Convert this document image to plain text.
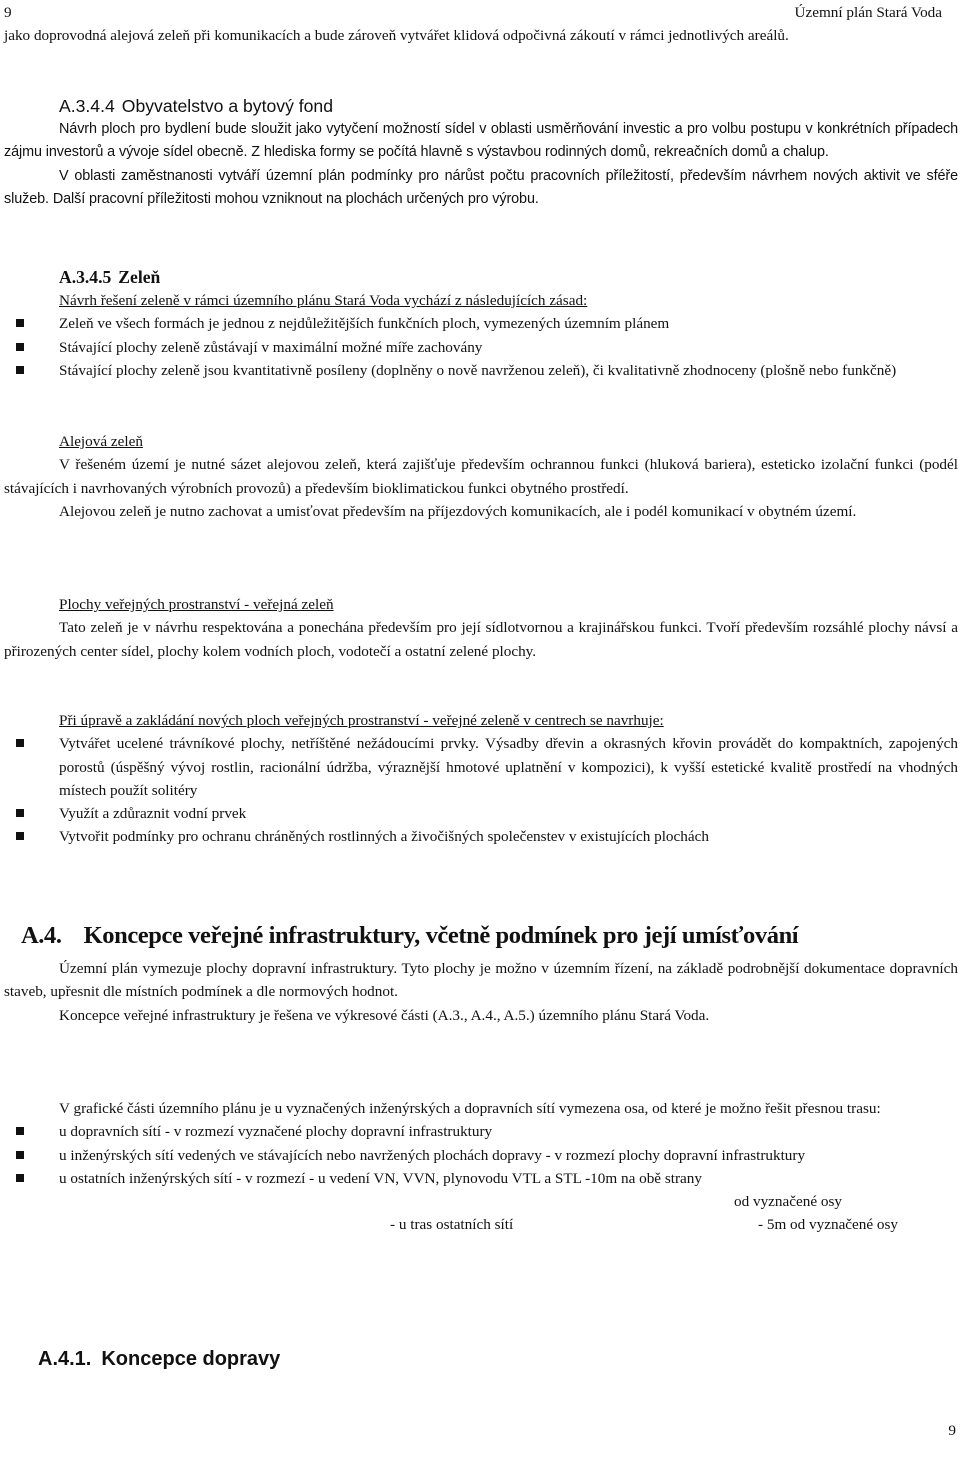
9	Územní plán Stará Voda

jako doprovodná alejová zeleň při komunikacích a bude zároveň vytvářet klidová odpočivná zákoutí v rámci jednotlivých areálů.

A.3.4.4 Obyvatelstvo a bytový fond

Návrh ploch pro bydlení bude sloužit jako vytyčení možností sídel v oblasti usměrňování investic a pro volbu postupu v konkrétních případech zájmu investorů a vývoje sídel obecně. Z hlediska formy se počítá hlavně s výstavbou rodinných domů, rekreačních domů a chalup.

V oblasti zaměstnanosti vytváří územní plán podmínky pro nárůst počtu pracovních příležitostí, především návrhem nových aktivit ve sféře služeb. Další pracovní příležitosti mohou vzniknout na plochách určených pro výrobu.

A.3.4.5 Zeleň

Návrh řešení zeleně v rámci územního plánu Stará Voda vychází z následujících zásad:

Zeleň ve všech formách je jednou z nejdůležitějších funkčních ploch, vymezených územním plánem
Stávající plochy zeleně zůstávají v maximální možné míře zachovány
Stávající plochy zeleně jsou kvantitativně posíleny (doplněny o nově navrženou zeleň), či kvalitativně zhodnoceny (plošně nebo funkčně)

Alejová zeleň

V řešeném území je nutné sázet alejovou zeleň, která zajišťuje především ochrannou funkci (hluková bariera), esteticko izolační funkci (podél stávajících i navrhovaných výrobních provozů) a především bioklimatickou funkci obytného prostředí.

Alejovou zeleň je nutno zachovat a umisťovat především na příjezdových komunikacích, ale i podél komunikací v obytném území.

Plochy veřejných prostranství - veřejná zeleň

Tato zeleň je v návrhu respektována a ponechána především pro její sídlotvornou a krajinářskou funkci. Tvoří především rozsáhlé plochy návsí a přirozených center sídel, plochy kolem vodních ploch, vodotečí a ostatní zelené plochy.

Při úpravě a zakládání nových ploch veřejných prostranství - veřejné zeleně v centrech se navrhuje:

Vytvářet ucelené trávníkové plochy, netříštěné nežádoucími prvky. Výsadby dřevin a okrasných křovin provádět do kompaktních, zapojených porostů (úspěšný vývoj rostlin, racionální údržba, výraznější hmotové uplatnění v kompozici), k vyšší estetické kvalitě prostředí na vhodných místech použít solitéry
Využít a zdůraznit vodní prvek
Vytvořit podmínky pro ochranu chráněných rostlinných a živočišných společenstev v existujících plochách
A.4. Koncepce veřejné infrastruktury, včetně podmínek pro její umísťování

Územní plán vymezuje plochy dopravní infrastruktury. Tyto plochy je možno v územním řízení, na základě podrobnější dokumentace dopravních staveb, upřesnit dle místních podmínek a dle normových hodnot.

Koncepce veřejné infrastruktury je řešena ve výkresové části (A.3., A.4., A.5.) územního plánu Stará Voda.

V grafické části územního plánu je u vyznačených inženýrských a dopravních sítí vymezena osa, od které je možno řešit přesnou trasu:

u dopravních sítí - v rozmezí vyznačené plochy dopravní infrastruktury
u inženýrských sítí vedených ve stávajících nebo navržených plochách dopravy - v rozmezí plochy dopravní infrastruktury
u ostatních inženýrských sítí - v rozmezí - u vedení VN, VVN, plynovodu VTL a STL -10m na obě strany
od vyznačené osy
- u tras ostatních sítí	- 5m od vyznačené osy
A.4.1. Koncepce dopravy
9
